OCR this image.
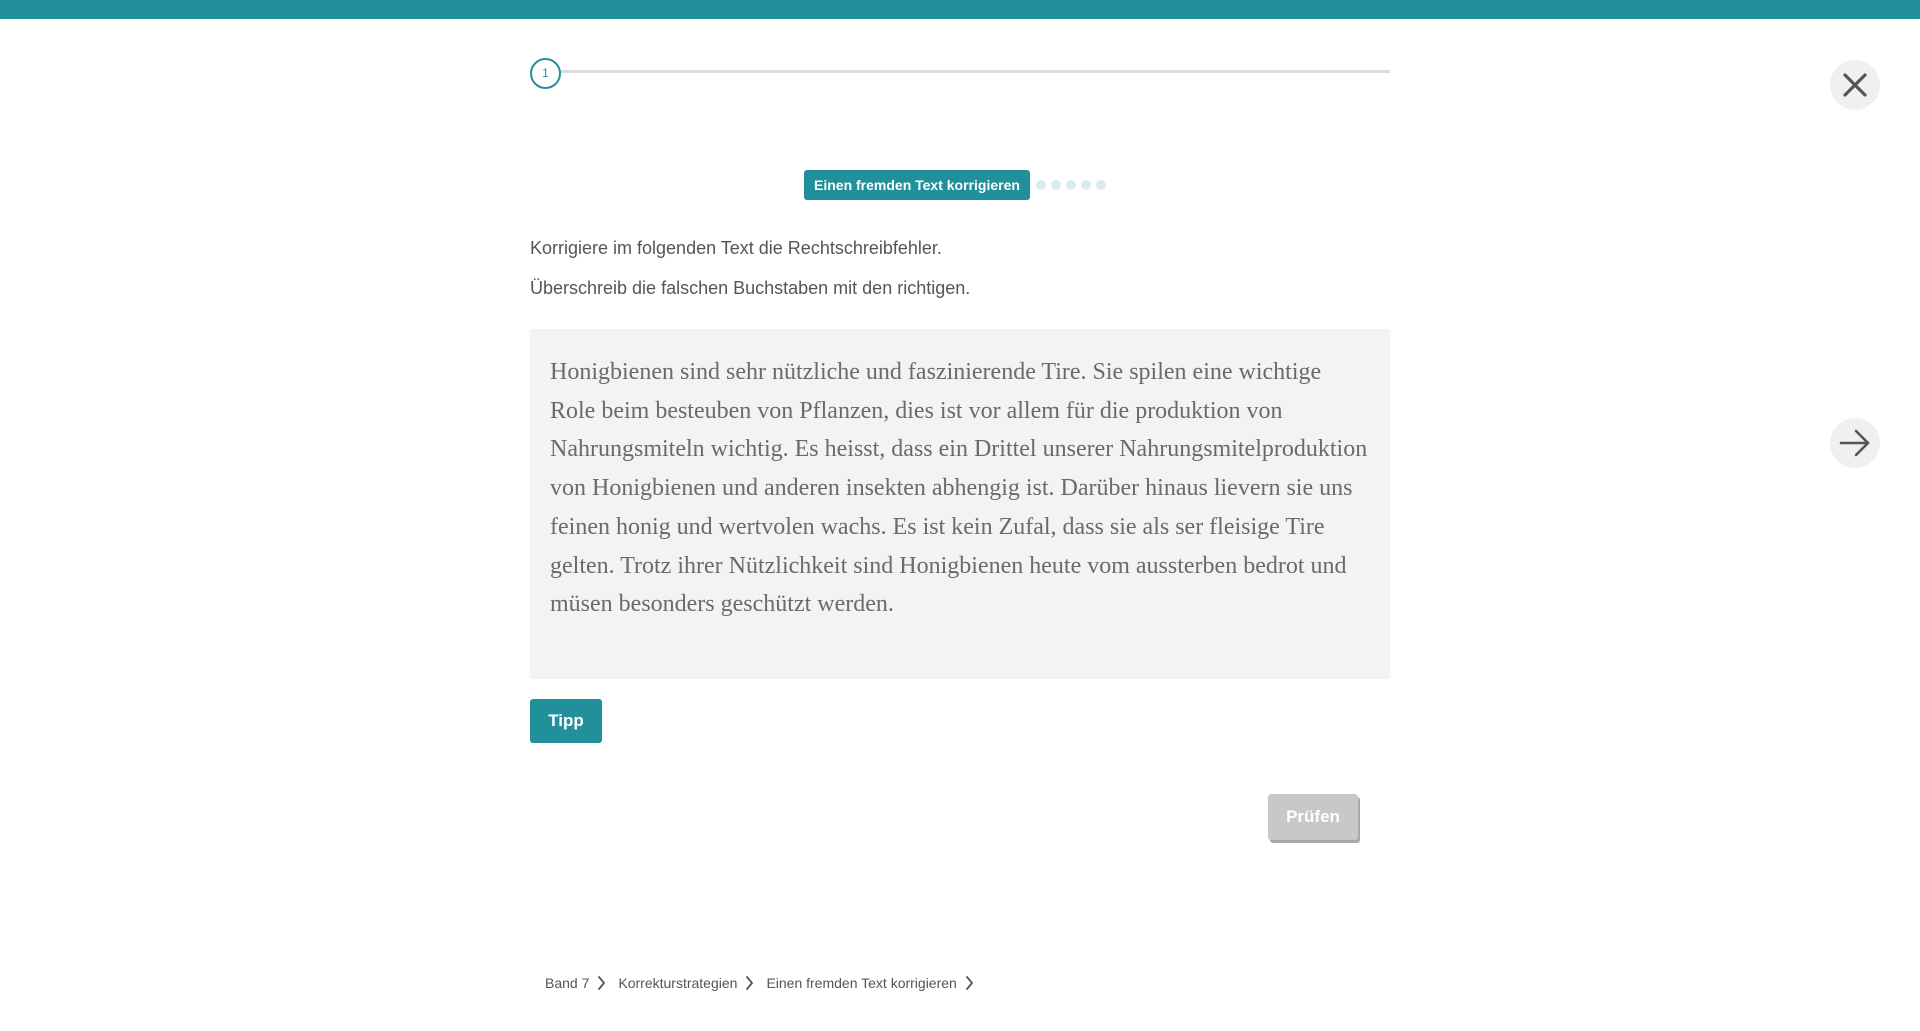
1
Einen fremden Text korrigieren
Korrigiere im folgenden Text die Rechtschreibfehler.
Überschreib die falschen Buchstaben mit den richtigen.
Honigbienen sind sehr nützliche und faszinierende Tire. Sie spilen eine wichtige Role beim besteuben von Pflanzen, dies ist vor allem für die produktion von Nahrungsmiteln wichtig. Es heisst, dass ein Drittel unserer Nahrungsmitelproduktion von Honigbienen und anderen insekten abhengig ist. Darüber hinaus lievern sie uns feinen honig und wertvolen wachs. Es ist kein Zufal, dass sie als ser fleisige Tire gelten. Trotz ihrer Nützlichkeit sind Honigbienen heute vom aussterben bedrot und müsen besonders geschützt werden.
Tipp
Prüfen
Band 7 Korrekturstrategien Einen fremden Text korrigieren
